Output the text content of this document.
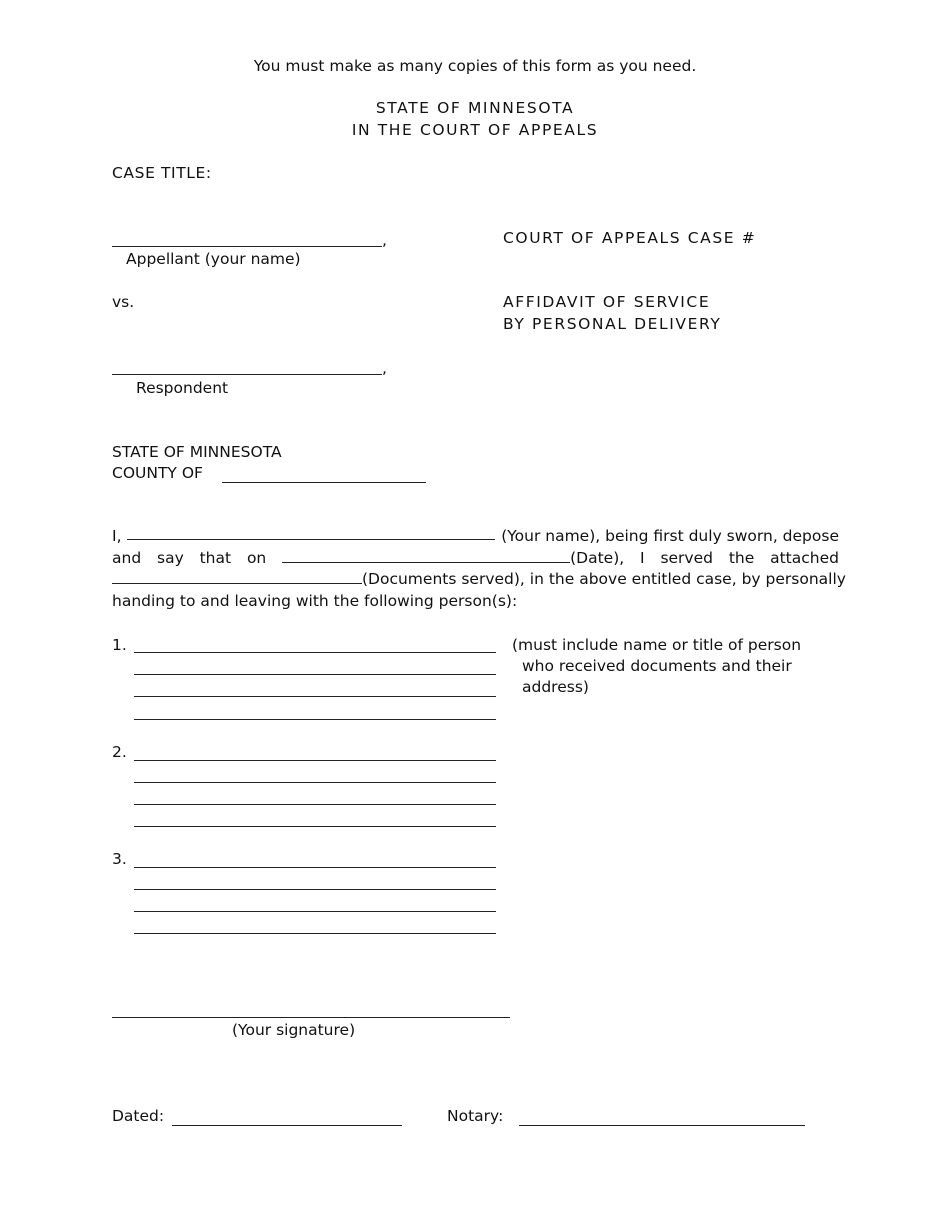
You must make as many copies of this form as you need.
STATE OF MINNESOTA
IN THE COURT OF APPEALS
CASE TITLE:
,
Appellant (your name)
COURT OF APPEALS CASE #
vs.	AFFIDAVIT OF SERVICE
BY PERSONAL DELIVERY
,
Respondent
STATE OF MINNESOTA
COUNTY OF
I,	(Your name), being first duly sworn, depose
and say that on	(Date), I served the attached
(Documents served), in the above entitled case, by personally
handing to and leaving with the following person(s):
1.	(must include name or title of person
who received documents and their
address)
2.
3.
(Your signature)
Dated:	Notary:
